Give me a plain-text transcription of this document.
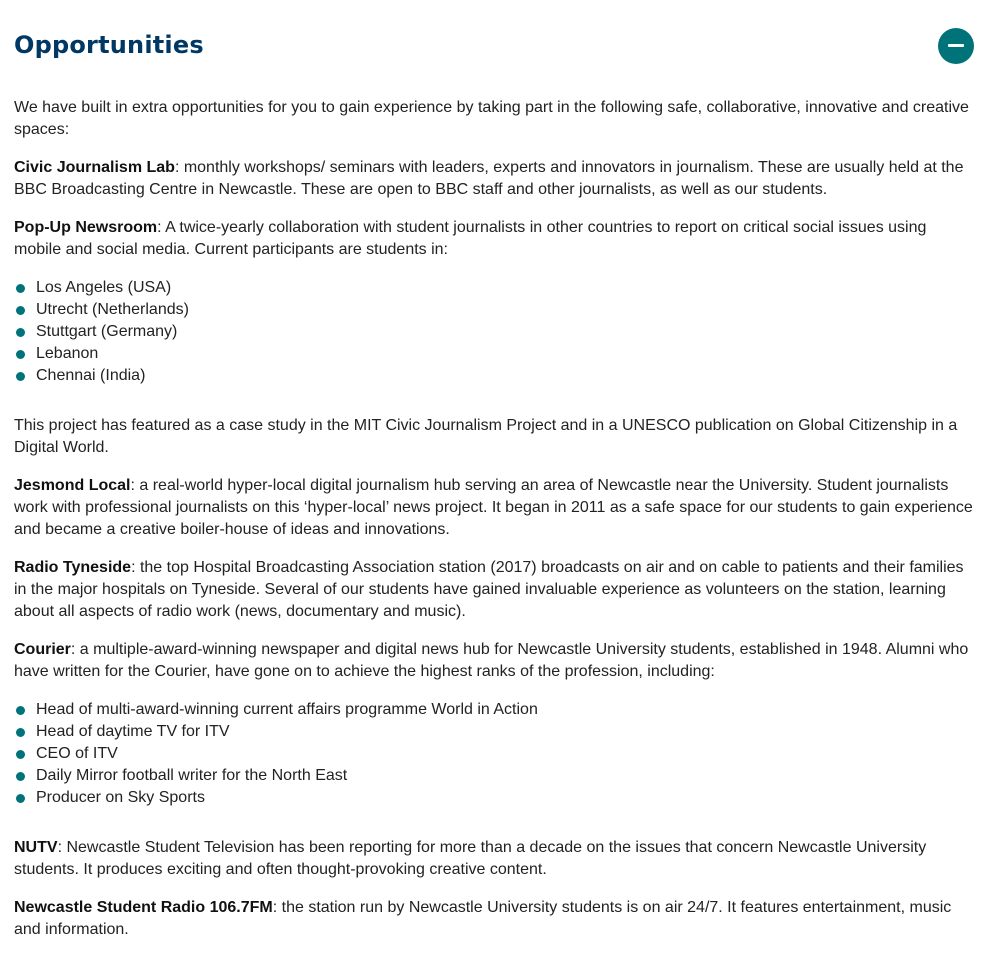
Opportunities

We have built in extra opportunities for you to gain experience by taking part in the following safe, collaborative, innovative and creative spaces:

Civic Journalism Lab: monthly workshops/ seminars with leaders, experts and innovators in journalism. These are usually held at the BBC Broadcasting Centre in Newcastle. These are open to BBC staff and other journalists, as well as our students.

Pop-Up Newsroom: A twice-yearly collaboration with student journalists in other countries to report on critical social issues using mobile and social media. Current participants are students in:

Los Angeles (USA)
Utrecht (Netherlands)
Stuttgart (Germany)
Lebanon
Chennai (India)

This project has featured as a case study in the MIT Civic Journalism Project and in a UNESCO publication on Global Citizenship in a Digital World.

Jesmond Local: a real-world hyper-local digital journalism hub serving an area of Newcastle near the University. Student journalists work with professional journalists on this ‘hyper-local’ news project. It began in 2011 as a safe space for our students to gain experience and became a creative boiler-house of ideas and innovations.

Radio Tyneside: the top Hospital Broadcasting Association station (2017) broadcasts on air and on cable to patients and their families in the major hospitals on Tyneside. Several of our students have gained invaluable experience as volunteers on the station, learning about all aspects of radio work (news, documentary and music).

Courier: a multiple-award-winning newspaper and digital news hub for Newcastle University students, established in 1948. Alumni who have written for the Courier, have gone on to achieve the highest ranks of the profession, including:

Head of multi-award-winning current affairs programme World in Action
Head of daytime TV for ITV
CEO of ITV
Daily Mirror football writer for the North East
Producer on Sky Sports

NUTV: Newcastle Student Television has been reporting for more than a decade on the issues that concern Newcastle University students. It produces exciting and often thought-provoking creative content.

Newcastle Student Radio 106.7FM: the station run by Newcastle University students is on air 24/7. It features entertainment, music and information.
